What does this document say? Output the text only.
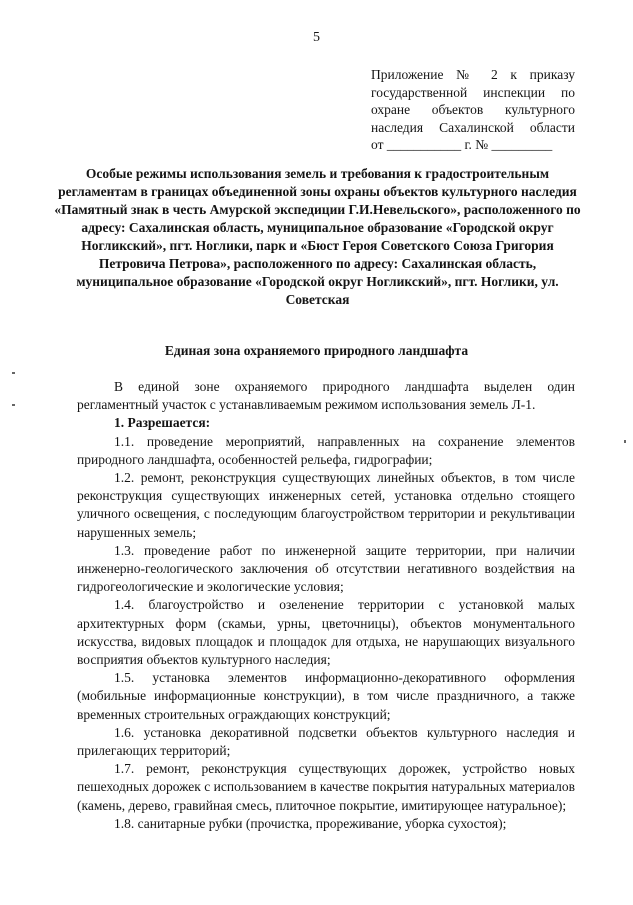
5
Приложение № 2 к приказу
государственной инспекции по
охране объектов культурного
наследия Сахалинской области
от ___________ г. № _________
Особые режимы использования земель и требования к градостроительным регламентам в границах объединенной зоны охраны объектов культурного наследия «Памятный знак в честь Амурской экспедиции Г.И.Невельского», расположенного по адресу: Сахалинская область, муниципальное образование «Городской округ Ногликский», пгт. Ноглики, парк и «Бюст Героя Советского Союза Григория Петровича Петрова», расположенного по адресу: Сахалинская область, муниципальное образование «Городской округ Ногликский», пгт. Ноглики, ул. Советская
Единая зона охраняемого природного ландшафта

В единой зоне охраняемого природного ландшафта выделен один регламентный участок с устанавливаемым режимом использования земель Л-1.

1. Разрешается:

1.1. проведение мероприятий, направленных на сохранение элементов природного ландшафта, особенностей рельефа, гидрографии;

1.2. ремонт, реконструкция существующих линейных объектов, в том числе реконструкция существующих инженерных сетей, установка отдельно стоящего уличного освещения, с последующим благоустройством территории и рекультивации нарушенных земель;

1.3. проведение работ по инженерной защите территории, при наличии инженерно-геологического заключения об отсутствии негативного воздействия на гидрогеологические и экологические условия;

1.4. благоустройство и озеленение территории с установкой малых архитектурных форм (скамьи, урны, цветочницы), объектов монументального искусства, видовых площадок и площадок для отдыха, не нарушающих визуального восприятия объектов культурного наследия;

1.5. установка элементов информационно-декоративного оформления (мобильные информационные конструкции), в том числе праздничного, а также временных строительных ограждающих конструкций;

1.6. установка декоративной подсветки объектов культурного наследия и прилегающих территорий;

1.7. ремонт, реконструкция существующих дорожек, устройство новых пешеходных дорожек с использованием в качестве покрытия натуральных материалов (камень, дерево, гравийная смесь, плиточное покрытие, имитирующее натуральное);

1.8. санитарные рубки (прочистка, прореживание, уборка сухостоя);
